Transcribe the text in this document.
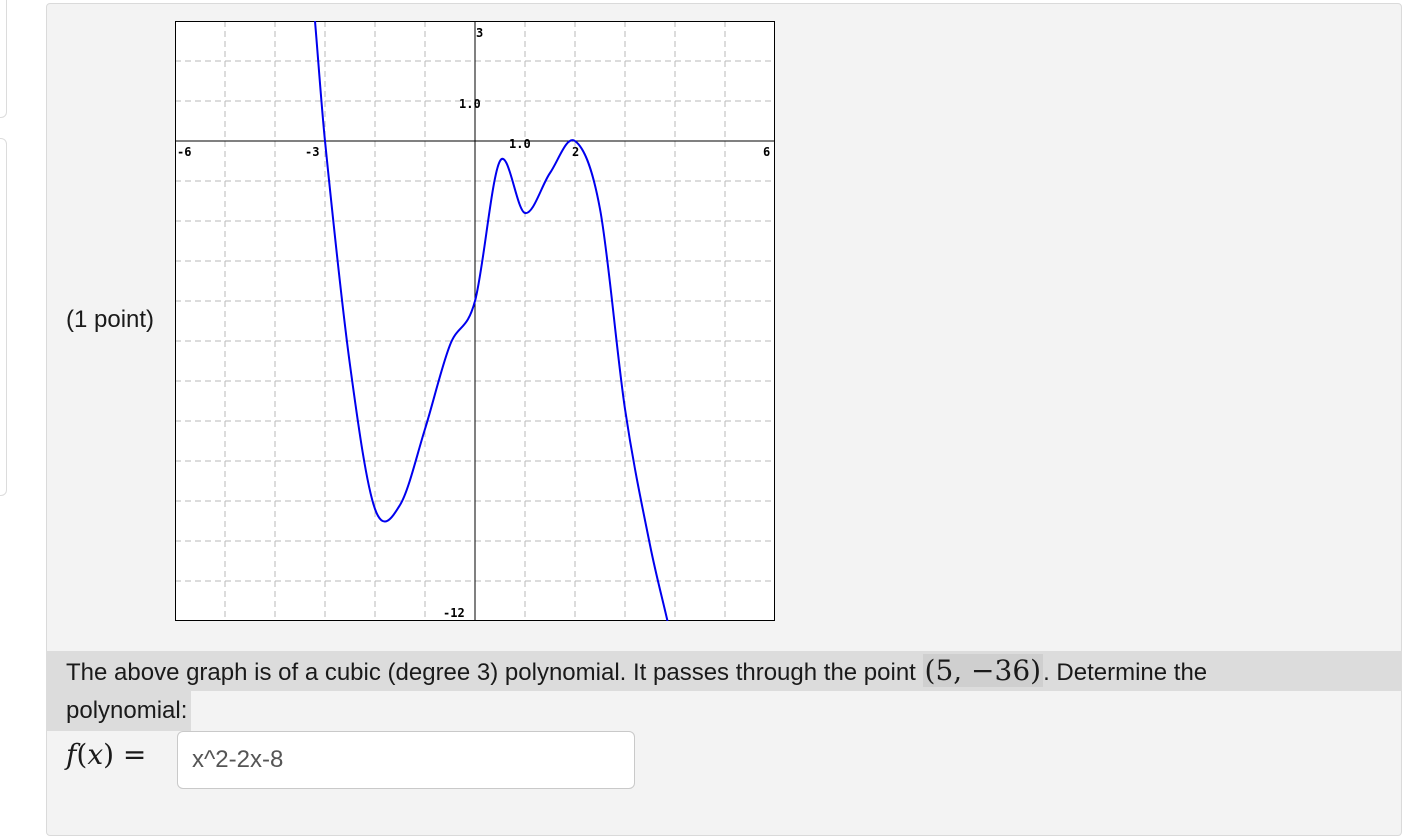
(1 point)
-6	-3	2	6
3
1.0
1.0
-12
The above graph is of a cubic (degree 3) polynomial. It passes through the point (5, −36). Determine the
polynomial:
f(x) =
x^2-2x-8
